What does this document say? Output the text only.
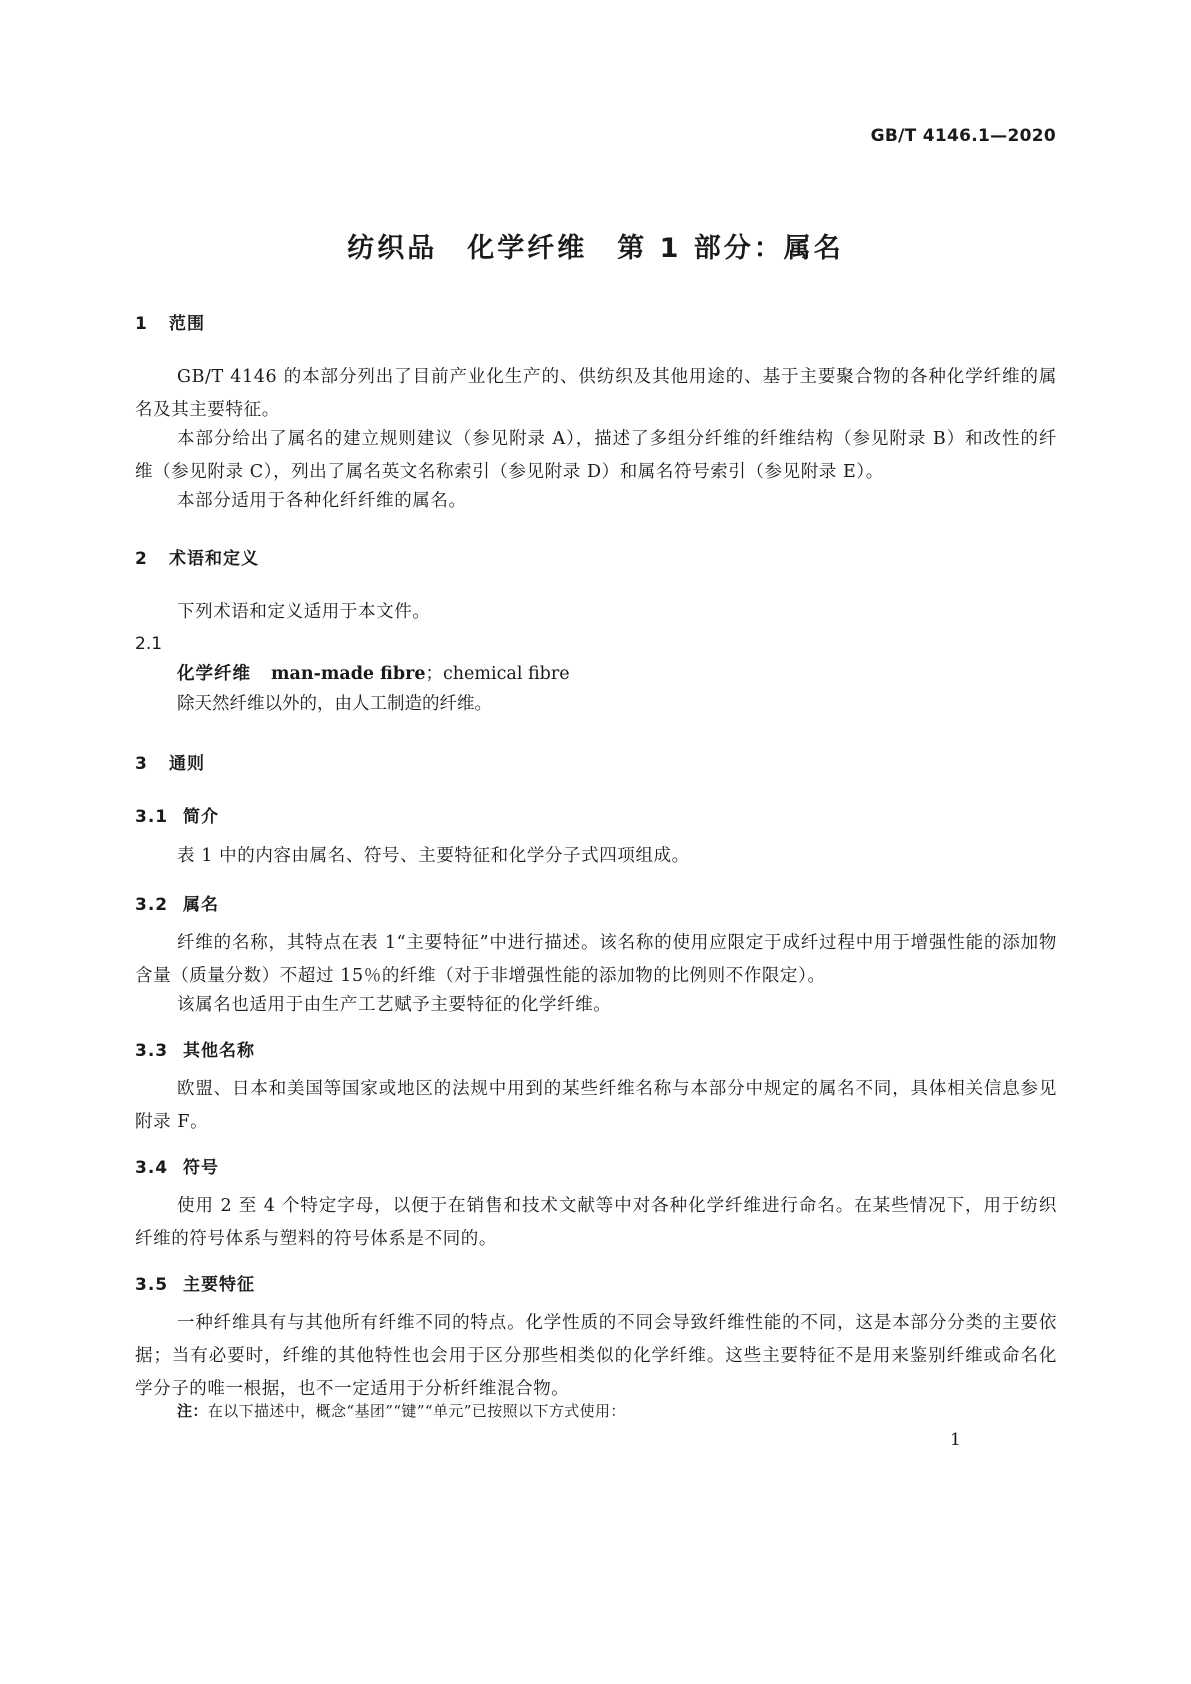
GB/T 4146.1—2020
纺织品 化学纤维 第 1 部分：属名
1 范围
GB/T 4146 的本部分列出了目前产业化生产的、供纺织及其他用途的、基于主要聚合物的各种化学纤维的属名及其主要特征。
本部分给出了属名的建立规则建议（参见附录 A），描述了多组分纤维的纤维结构（参见附录 B）和改性的纤维（参见附录 C），列出了属名英文名称索引（参见附录 D）和属名符号索引（参见附录 E）。
本部分适用于各种化纤纤维的属名。
2 术语和定义
下列术语和定义适用于本文件。
2.1
化学纤维 man-made fibre；chemical fibre
除天然纤维以外的，由人工制造的纤维。
3 通则
3.1 简介
表 1 中的内容由属名、符号、主要特征和化学分子式四项组成。
3.2 属名
纤维的名称，其特点在表 1“主要特征”中进行描述。该名称的使用应限定于成纤过程中用于增强性能的添加物含量（质量分数）不超过 15％的纤维（对于非增强性能的添加物的比例则不作限定）。
该属名也适用于由生产工艺赋予主要特征的化学纤维。
3.3 其他名称
欧盟、日本和美国等国家或地区的法规中用到的某些纤维名称与本部分中规定的属名不同，具体相关信息参见附录 F。
3.4 符号
使用 2 至 4 个特定字母，以便于在销售和技术文献等中对各种化学纤维进行命名。在某些情况下，用于纺织纤维的符号体系与塑料的符号体系是不同的。
3.5 主要特征
一种纤维具有与其他所有纤维不同的特点。化学性质的不同会导致纤维性能的不同，这是本部分分类的主要依据；当有必要时，纤维的其他特性也会用于区分那些相类似的化学纤维。这些主要特征不是用来鉴别纤维或命名化学分子的唯一根据，也不一定适用于分析纤维混合物。
注：在以下描述中，概念“基团”“键”“单元”已按照以下方式使用：
1
